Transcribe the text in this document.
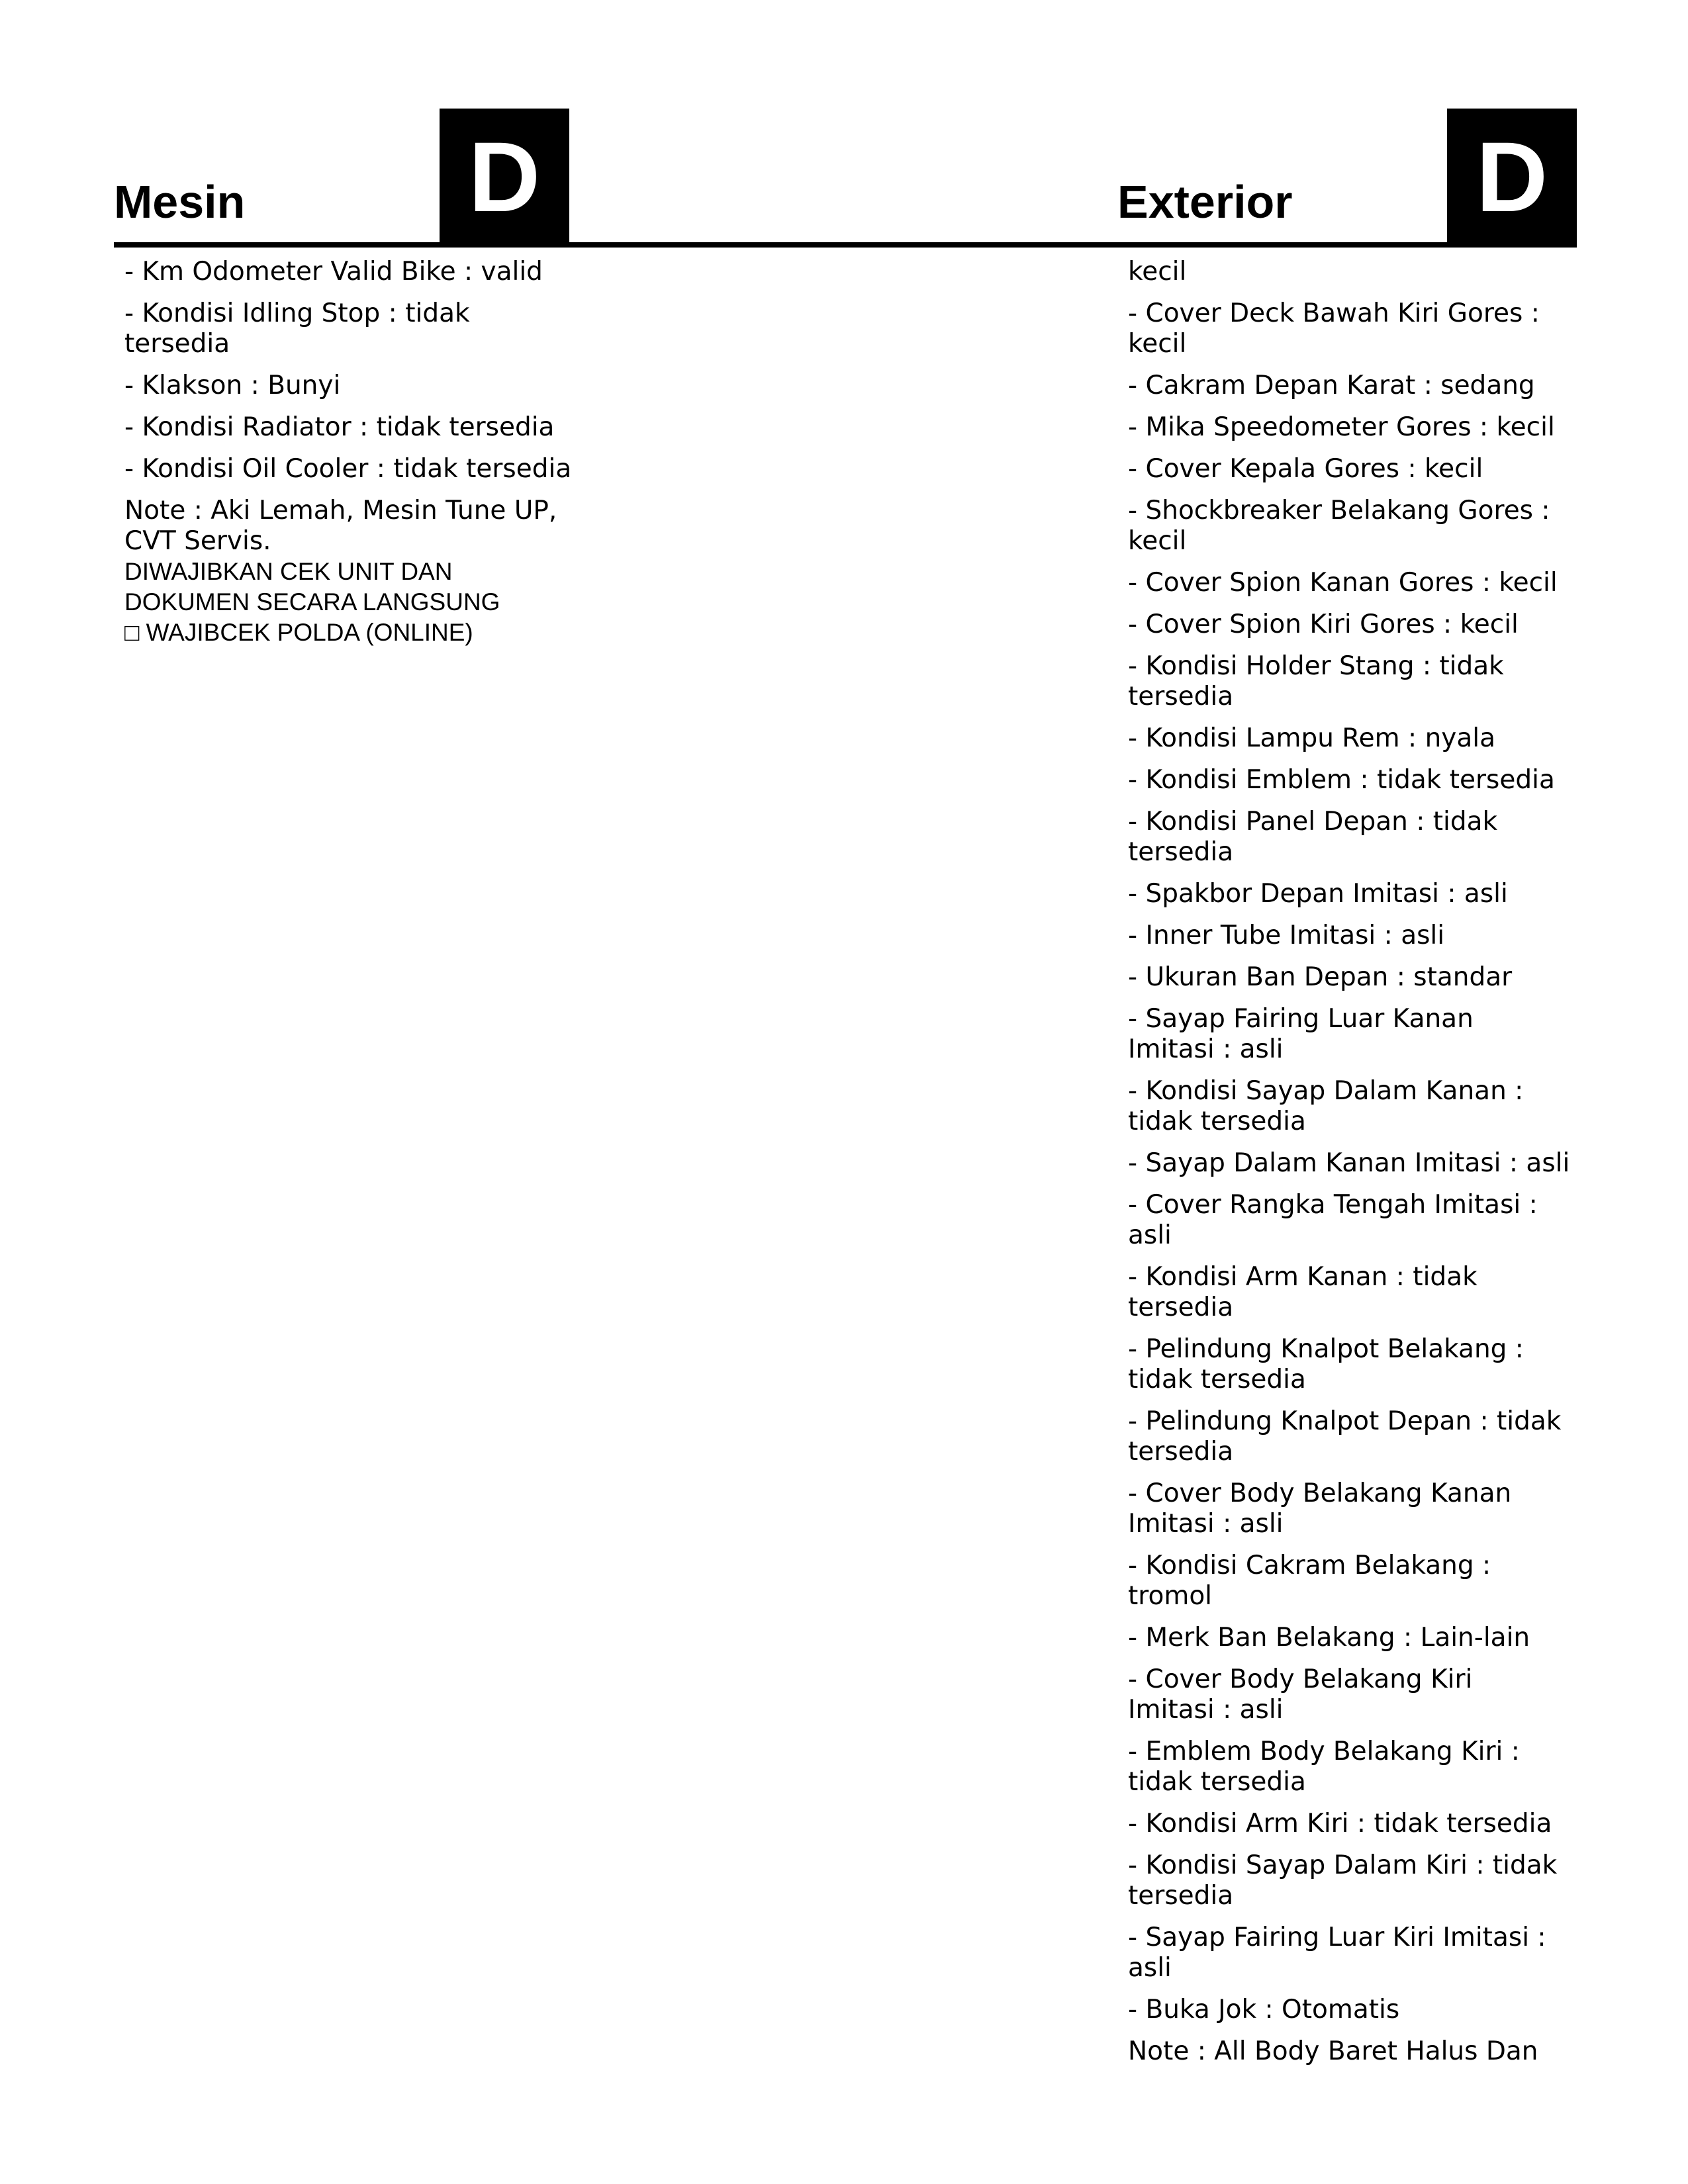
Mesin D	Exterior D

- Km Odometer Valid Bike : valid

- Kondisi Idling Stop : tidak
tersedia

- Klakson : Bunyi

- Kondisi Radiator : tidak tersedia

- Kondisi Oil Cooler : tidak tersedia

Note : Aki Lemah, Mesin Tune UP,

CVT Servis.

DIWAJIBKAN CEK UNIT DAN

DOKUMEN SECARA LANGSUNG

□ WAJIBCEK POLDA (ONLINE)

kecil

- Cover Deck Bawah Kiri Gores :
kecil

- Cakram Depan Karat : sedang

- Mika Speedometer Gores : kecil

- Cover Kepala Gores : kecil

- Shockbreaker Belakang Gores :
kecil

- Cover Spion Kanan Gores : kecil

- Cover Spion Kiri Gores : kecil

- Kondisi Holder Stang : tidak
tersedia

- Kondisi Lampu Rem : nyala

- Kondisi Emblem : tidak tersedia

- Kondisi Panel Depan : tidak
tersedia

- Spakbor Depan Imitasi : asli

- Inner Tube Imitasi : asli

- Ukuran Ban Depan : standar

- Sayap Fairing Luar Kanan
Imitasi : asli

- Kondisi Sayap Dalam Kanan :
tidak tersedia

- Sayap Dalam Kanan Imitasi : asli

- Cover Rangka Tengah Imitasi :
asli

- Kondisi Arm Kanan : tidak
tersedia

- Pelindung Knalpot Belakang :
tidak tersedia

- Pelindung Knalpot Depan : tidak
tersedia

- Cover Body Belakang Kanan
Imitasi : asli

- Kondisi Cakram Belakang :
tromol

- Merk Ban Belakang : Lain-lain

- Cover Body Belakang Kiri
Imitasi : asli

- Emblem Body Belakang Kiri :
tidak tersedia

- Kondisi Arm Kiri : tidak tersedia

- Kondisi Sayap Dalam Kiri : tidak
tersedia

- Sayap Fairing Luar Kiri Imitasi :
asli

- Buka Jok : Otomatis

Note : All Body Baret Halus Dan
